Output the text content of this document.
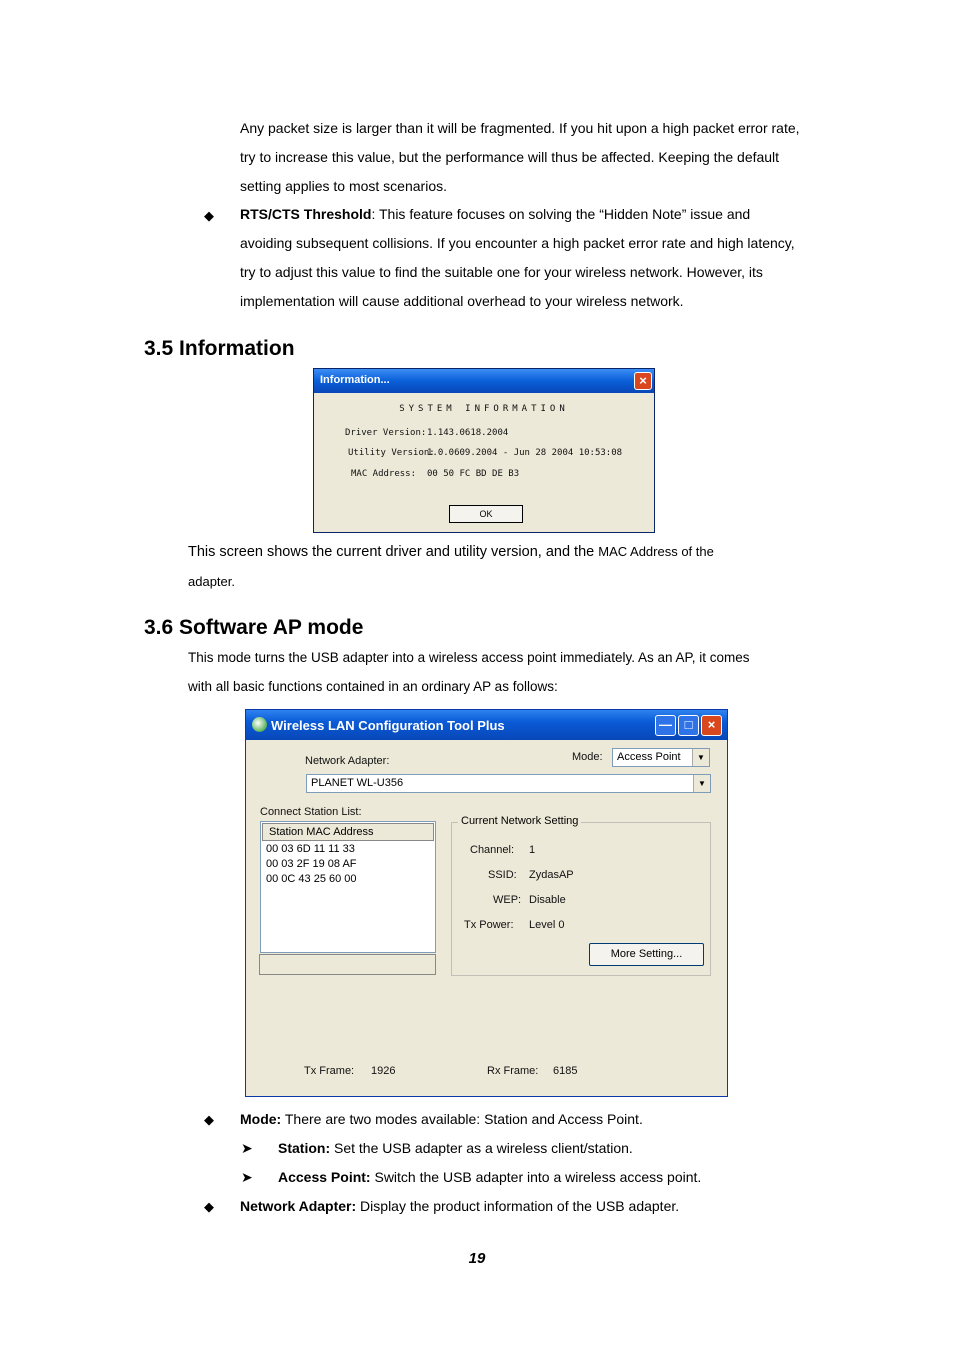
Any packet size is larger than it will be fragmented. If you hit upon a high packet error rate,
try to increase this value, but the performance will thus be affected. Keeping the default
setting applies to most scenarios.
◆ RTS/CTS Threshold: This feature focuses on solving the “Hidden Note” issue and
avoiding subsequent collisions. If you encounter a high packet error rate and high latency,
try to adjust this value to find the suitable one for your wireless network. However, its
implementation will cause additional overhead to your wireless network.
3.5 Information
Information...	×
SYSTEM INFORMATION
Driver Version: 1.143.0618.2004
Utility Version:
1.0.0609.2004 - Jun 28 2004 10:53:08
MAC Address: 00 50 FC BD DE B3
OK
This screen shows the current driver and utility version, and the MAC Address of the
adapter.
3.6 Software AP mode
This mode turns the USB adapter into a wireless access point immediately. As an AP, it comes
with all basic functions contained in an ordinary AP as follows:
Wireless LAN Configuration Tool Plus	— □	×
Network Adapter:	Mode:	Access Point	▼
PLANET WL-U356	▼
Connect Station List:
Station MAC Address
00 03 6D 11 11 33
00 03 2F 19 08 AF
00 0C 43 25 60 00
Current Network Setting
Channel: 1
SSID: ZydasAP
WEP: Disable
Tx Power: Level 0
More Setting...
Tx Frame: 1926	Rx Frame: 6185
◆ Mode: There are two modes available: Station and Access Point.
➤ Station: Set the USB adapter as a wireless client/station.
➤ Access Point: Switch the USB adapter into a wireless access point.
◆ Network Adapter: Display the product information of the USB adapter.
19
